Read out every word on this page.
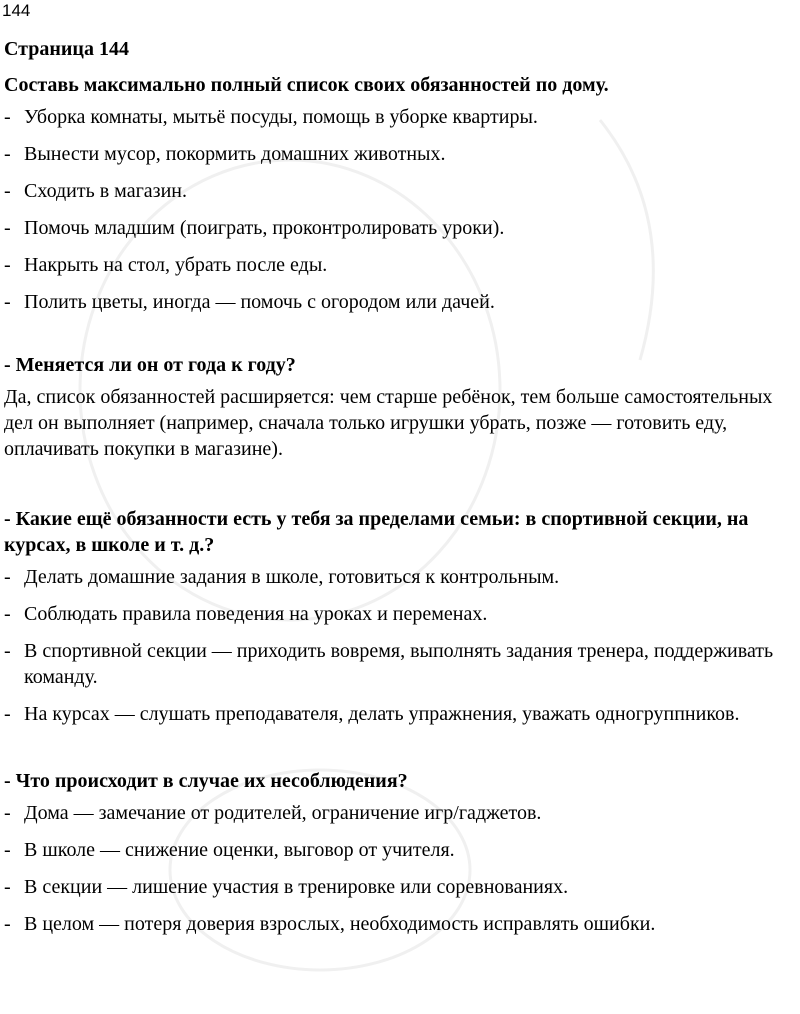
144
Страница 144

Составь максимально полный список своих обязанностей по дому.

- Уборка комнаты, мытьё посуды, помощь в уборке квартиры.
- Вынести мусор, покормить домашних животных.
- Сходить в магазин.
- Помочь младшим (поиграть, проконтролировать уроки).
- Накрыть на стол, убрать после еды.
- Полить цветы, иногда — помочь с огородом или дачей.

- Меняется ли он от года к году?

Да, список обязанностей расширяется: чем старше ребёнок, тем больше самостоятельных дел он выполняет (например, сначала только игрушки убрать, позже — готовить еду, оплачивать покупки в магазине).

- Какие ещё обязанности есть у тебя за пределами семьи: в спортивной секции, на курсах, в школе и т. д.?

- Делать домашние задания в школе, готовиться к контрольным.
- Соблюдать правила поведения на уроках и переменах.
- В спортивной секции — приходить вовремя, выполнять задания тренера, поддерживать команду.
- На курсах — слушать преподавателя, делать упражнения, уважать одногруппников.

- Что происходит в случае их несоблюдения?

- Дома — замечание от родителей, ограничение игр/гаджетов.
- В школе — снижение оценки, выговор от учителя.
- В секции — лишение участия в тренировке или соревнованиях.
- В целом — потеря доверия взрослых, необходимость исправлять ошибки.
